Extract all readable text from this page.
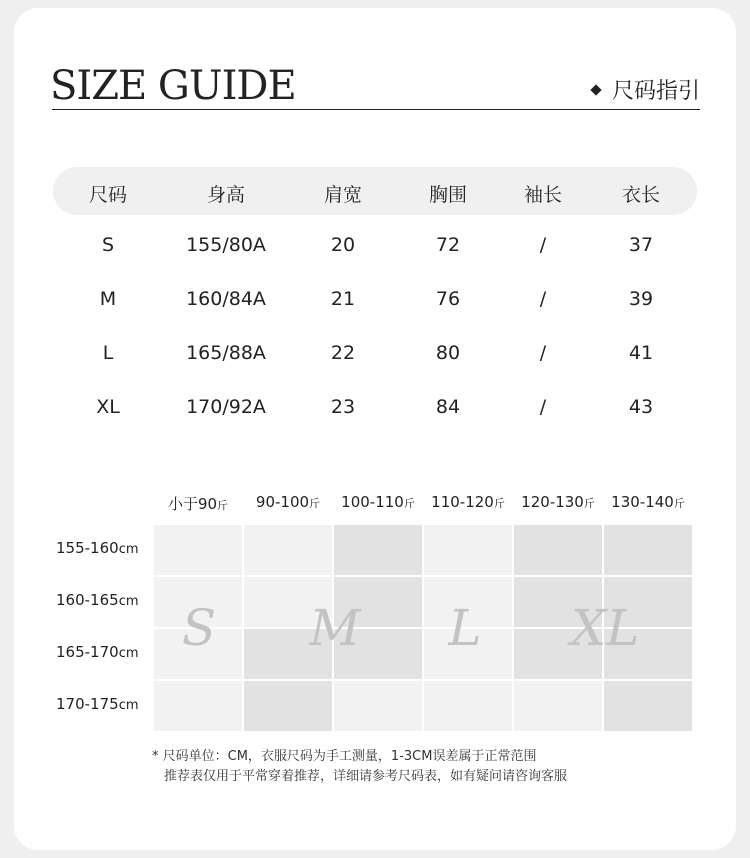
SIZE GUIDE	尺码指引
尺码	身高	肩宽	胸围	袖长	衣长
S	155/80A	20	72	/	37
M	160/84A	21	76	/	39
L	165/88A	22	80	/	41
XL	170/92A	23	84	/	43
小于90斤 90-100斤 100-110斤 110-120斤 120-130斤 130-140斤
155-160cm
160-165cm
165-170cm
170-175cm
S M L XL
* 尺码单位：CM，衣服尺码为手工测量，1-3CM误差属于正常范围
推荐表仅用于平常穿着推荐，详细请参考尺码表，如有疑问请咨询客服
